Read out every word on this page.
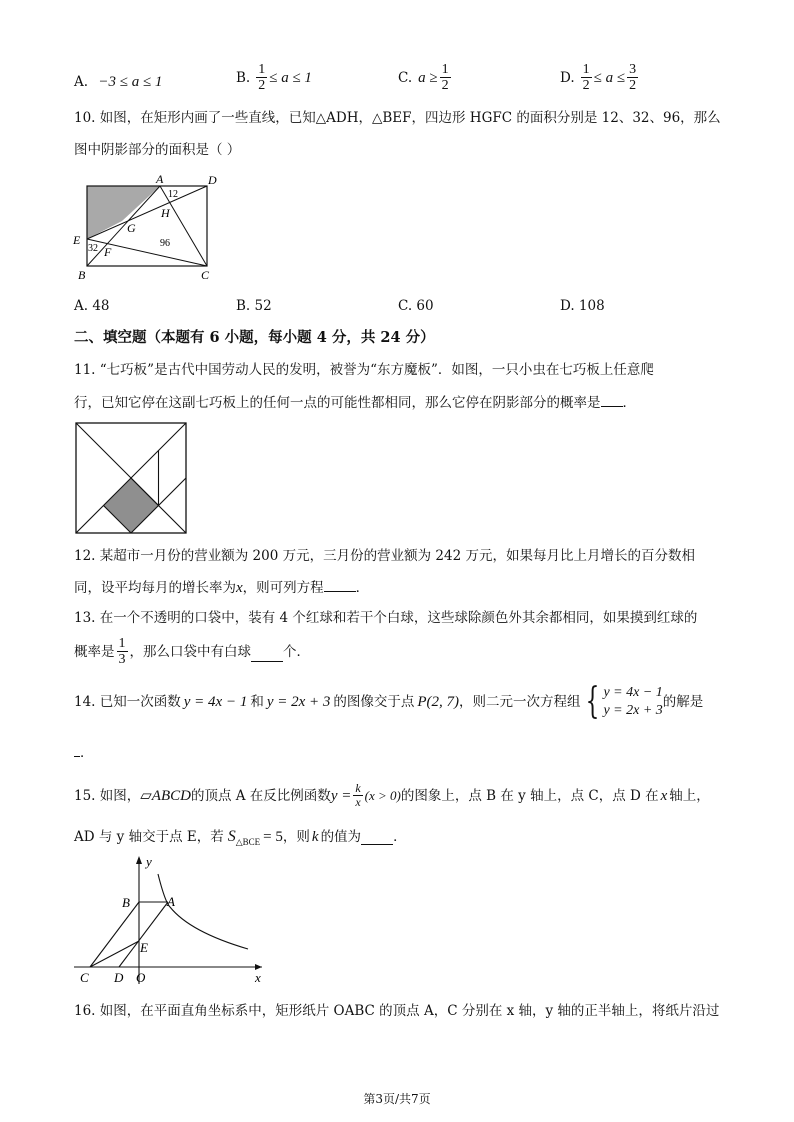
A. −3 ≤ a ≤ 1	B. $\frac{1}{2} \le a \le 1$	C. $a \ge \frac{1}{2}$	D. $\frac{1}{2} \le a \le \frac{3}{2}$
10. 如图，在矩形内画了一些直线，已知△ADH，△BEF，四边形 HGFC 的面积分别是 12、32、96，那么
图中阴影部分的面积是（ ）
A	D
E
B	C
G
H
F
12
32	96
A. 48	B. 52	C. 60	D. 108
二、填空题（本题有 6 小题，每小题 4 分，共 24 分）
11. “七巧板”是古代中国劳动人民的发明，被誉为“东方魔板”．如图，一只小虫在七巧板上任意爬
行，已知它停在这副七巧板上的任何一点的可能性都相同，那么它停在阴影部分的概率是 ．
12. 某超市一月份的营业额为 200 万元，三月份的营业额为 242 万元，如果每月比上月增长的百分数相
同，设平均每月的增长率为x，则可列方程 ．
13. 在一个不透明的口袋中，装有 4 个红球和若干个白球，这些球除颜色外其余都相同，如果摸到红球的
概率是 $\frac{1}{3}$ ，那么口袋中有白球 个．
14. 已知一次函数 y = 4x − 1 和 y = 2x + 3 的图像交于点 P(2, 7) ，则二元一次方程组 { y = 4x − 1
y = 2x + 3
的解是
．
15. 如图， ▱ABCD 的顶点 A 在反比例函数 $y = \frac{k}{x} (x > 0)$ 的图象上，点 B 在 y 轴上，点 C，点 D 在 x 轴上，
AD 与 y 轴交于点 E，若 S △BCE = 5 ，则 k 的值为 ．
y
x
B	A
E
C D O
16. 如图，在平面直角坐标系中，矩形纸片 OABC 的顶点 A，C 分别在 x 轴，y 轴的正半轴上，将纸片沿过
第3页/共7页
